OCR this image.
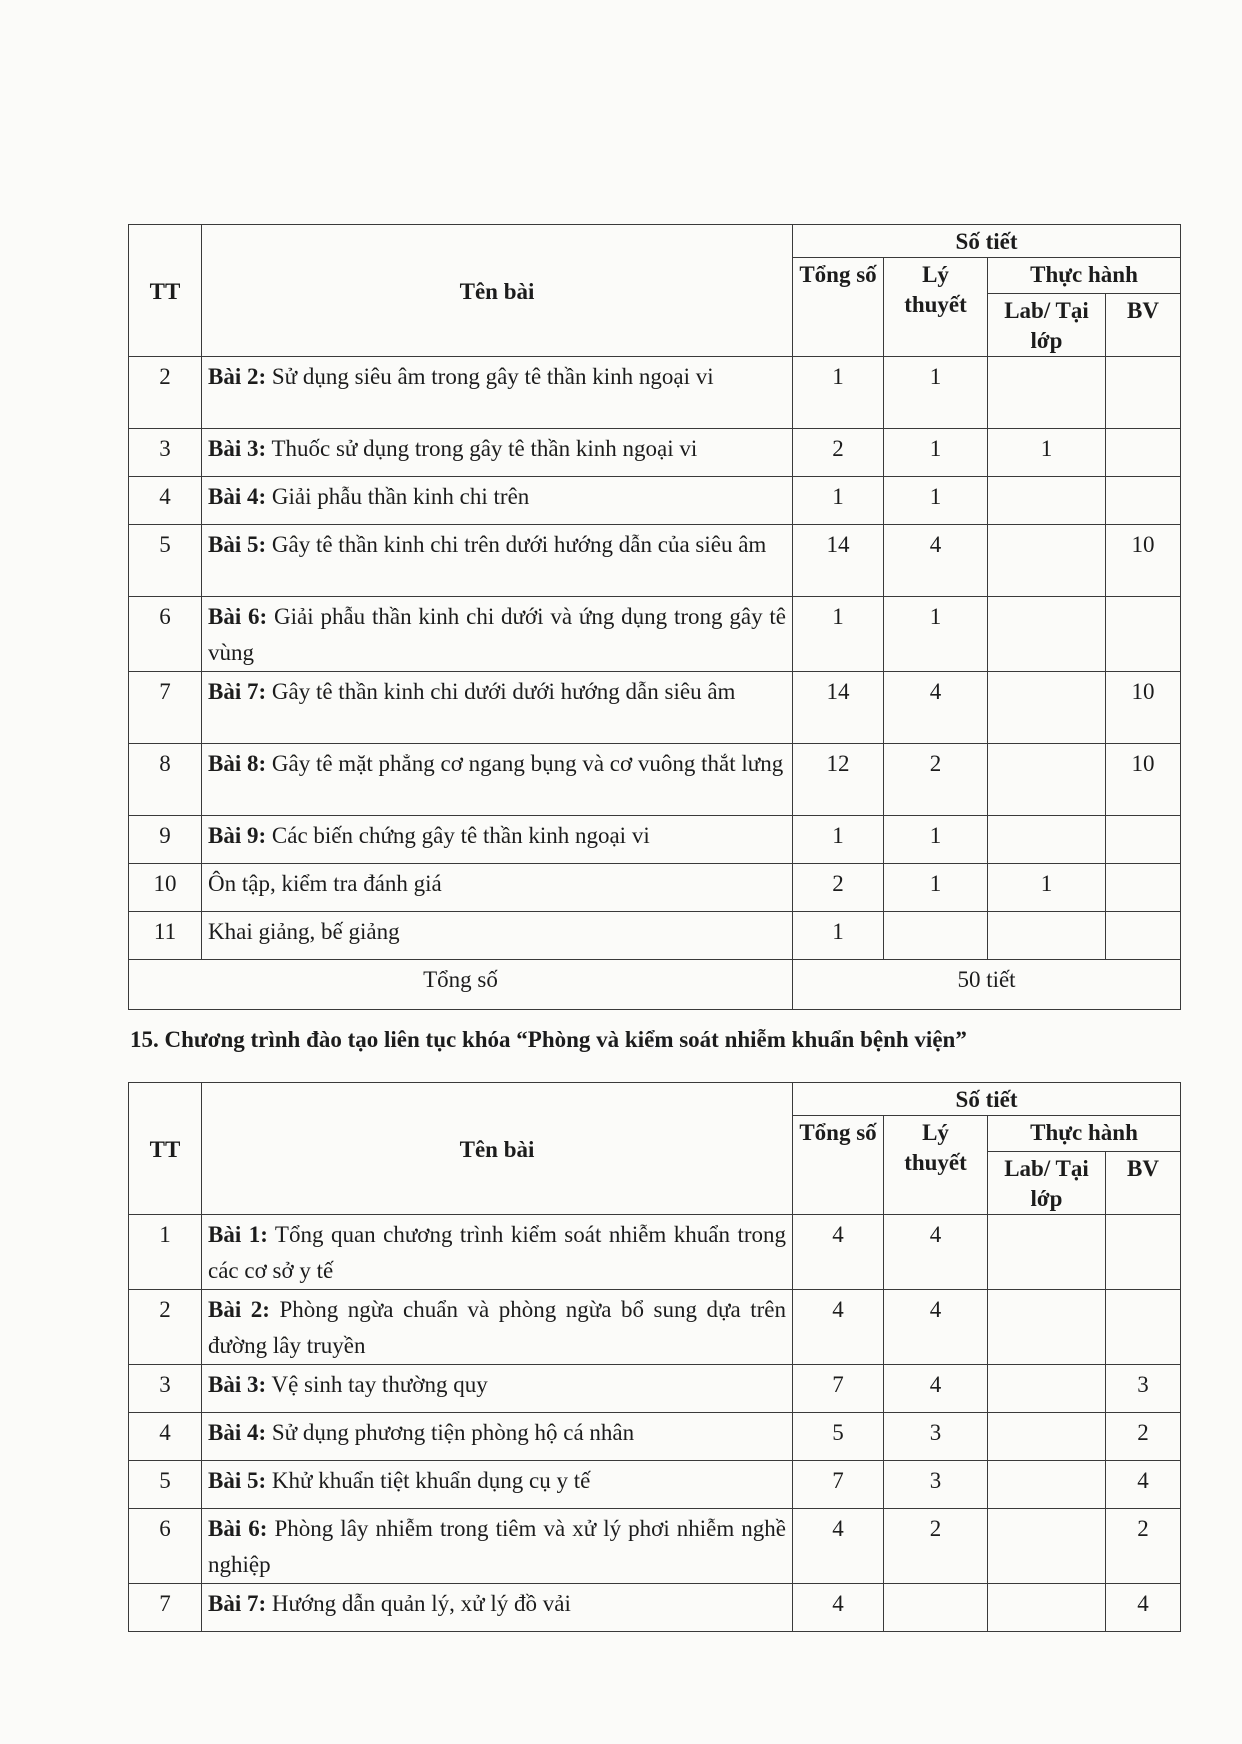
TT	Tên bài	Số tiết			
		Tổng số	Lý thuyết	Thực hành	
				Lab/ Tại lớp	BV
2	Bài 2: Sử dụng siêu âm trong gây tê thần kinh ngoại vi	1	1		
3	Bài 3: Thuốc sử dụng trong gây tê thần kinh ngoại vi	2	1	1	
4	Bài 4: Giải phẫu thần kinh chi trên	1	1		
5	Bài 5: Gây tê thần kinh chi trên dưới hướng dẫn của siêu âm	14	4		10
6	Bài 6: Giải phẫu thần kinh chi dưới và ứng dụng trong gây tê vùng	1	1		
7	Bài 7: Gây tê thần kinh chi dưới dưới hướng dẫn siêu âm	14	4		10
8	Bài 8: Gây tê mặt phẳng cơ ngang bụng và cơ vuông thắt lưng	12	2		10
9	Bài 9: Các biến chứng gây tê thần kinh ngoại vi	1	1		
10	Ôn tập, kiểm tra đánh giá	2	1	1	
11	Khai giảng, bế giảng	1			
Tổng số		50 tiết			
15. Chương trình đào tạo liên tục khóa “Phòng và kiểm soát nhiễm khuẩn bệnh viện”
TT	Tên bài	Số tiết			
		Tổng số	Lý thuyết	Thực hành	
				Lab/ Tại lớp	BV
1	Bài 1: Tổng quan chương trình kiểm soát nhiễm khuẩn trong các cơ sở y tế	4	4		
2	Bài 2: Phòng ngừa chuẩn và phòng ngừa bổ sung dựa trên đường lây truyền	4	4		
3	Bài 3: Vệ sinh tay thường quy	7	4		3
4	Bài 4: Sử dụng phương tiện phòng hộ cá nhân	5	3		2
5	Bài 5: Khử khuẩn tiệt khuẩn dụng cụ y tế	7	3		4
6	Bài 6: Phòng lây nhiễm trong tiêm và xử lý phơi nhiễm nghề nghiệp	4	2		2
7	Bài 7: Hướng dẫn quản lý, xử lý đồ vải	4			4
